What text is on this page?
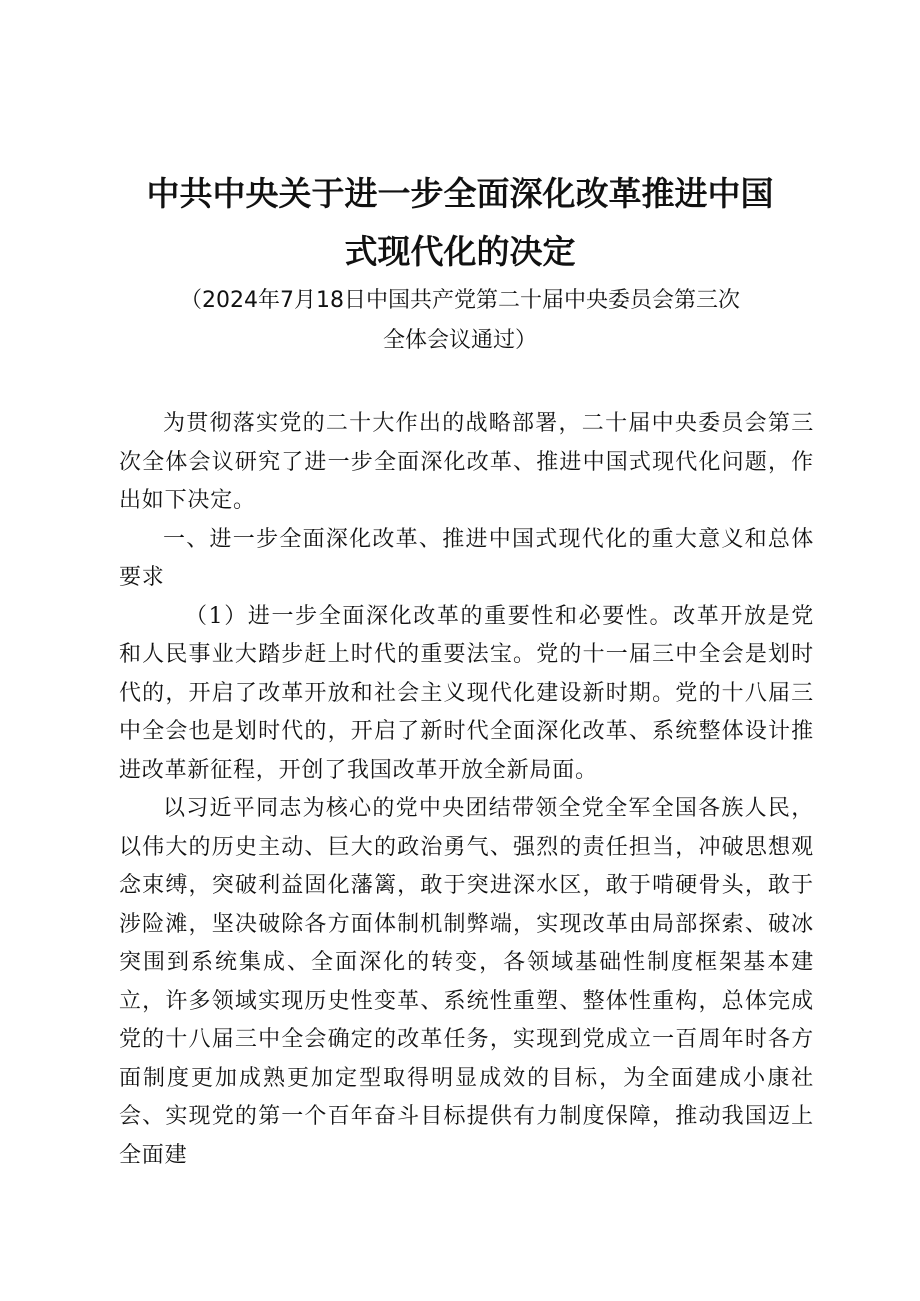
中共中央关于进一步全面深化改革推进中国
式现代化的决定
（2024年7月18日中国共产党第二十届中央委员会第三次
全体会议通过）

为贯彻落实党的二十大作出的战略部署，二十届中央委员会第三次全体会议研究了进一步全面深化改革、推进中国式现代化问题，作出如下决定。

一、进一步全面深化改革、推进中国式现代化的重大意义和总体要求

（1）进一步全面深化改革的重要性和必要性。改革开放是党和人民事业大踏步赶上时代的重要法宝。党的十一届三中全会是划时代的，开启了改革开放和社会主义现代化建设新时期。党的十八届三中全会也是划时代的，开启了新时代全面深化改革、系统整体设计推进改革新征程，开创了我国改革开放全新局面。

以习近平同志为核心的党中央团结带领全党全军全国各族人民，以伟大的历史主动、巨大的政治勇气、强烈的责任担当，冲破思想观念束缚，突破利益固化藩篱，敢于突进深水区，敢于啃硬骨头，敢于涉险滩，坚决破除各方面体制机制弊端，实现改革由局部探索、破冰突围到系统集成、全面深化的转变，各领域基础性制度框架基本建立，许多领域实现历史性变革、系统性重塑、整体性重构，总体完成党的十八届三中全会确定的改革任务，实现到党成立一百周年时各方面制度更加成熟更加定型取得明显成效的目标，为全面建成小康社会、实现党的第一个百年奋斗目标提供有力制度保障，推动我国迈上全面建
